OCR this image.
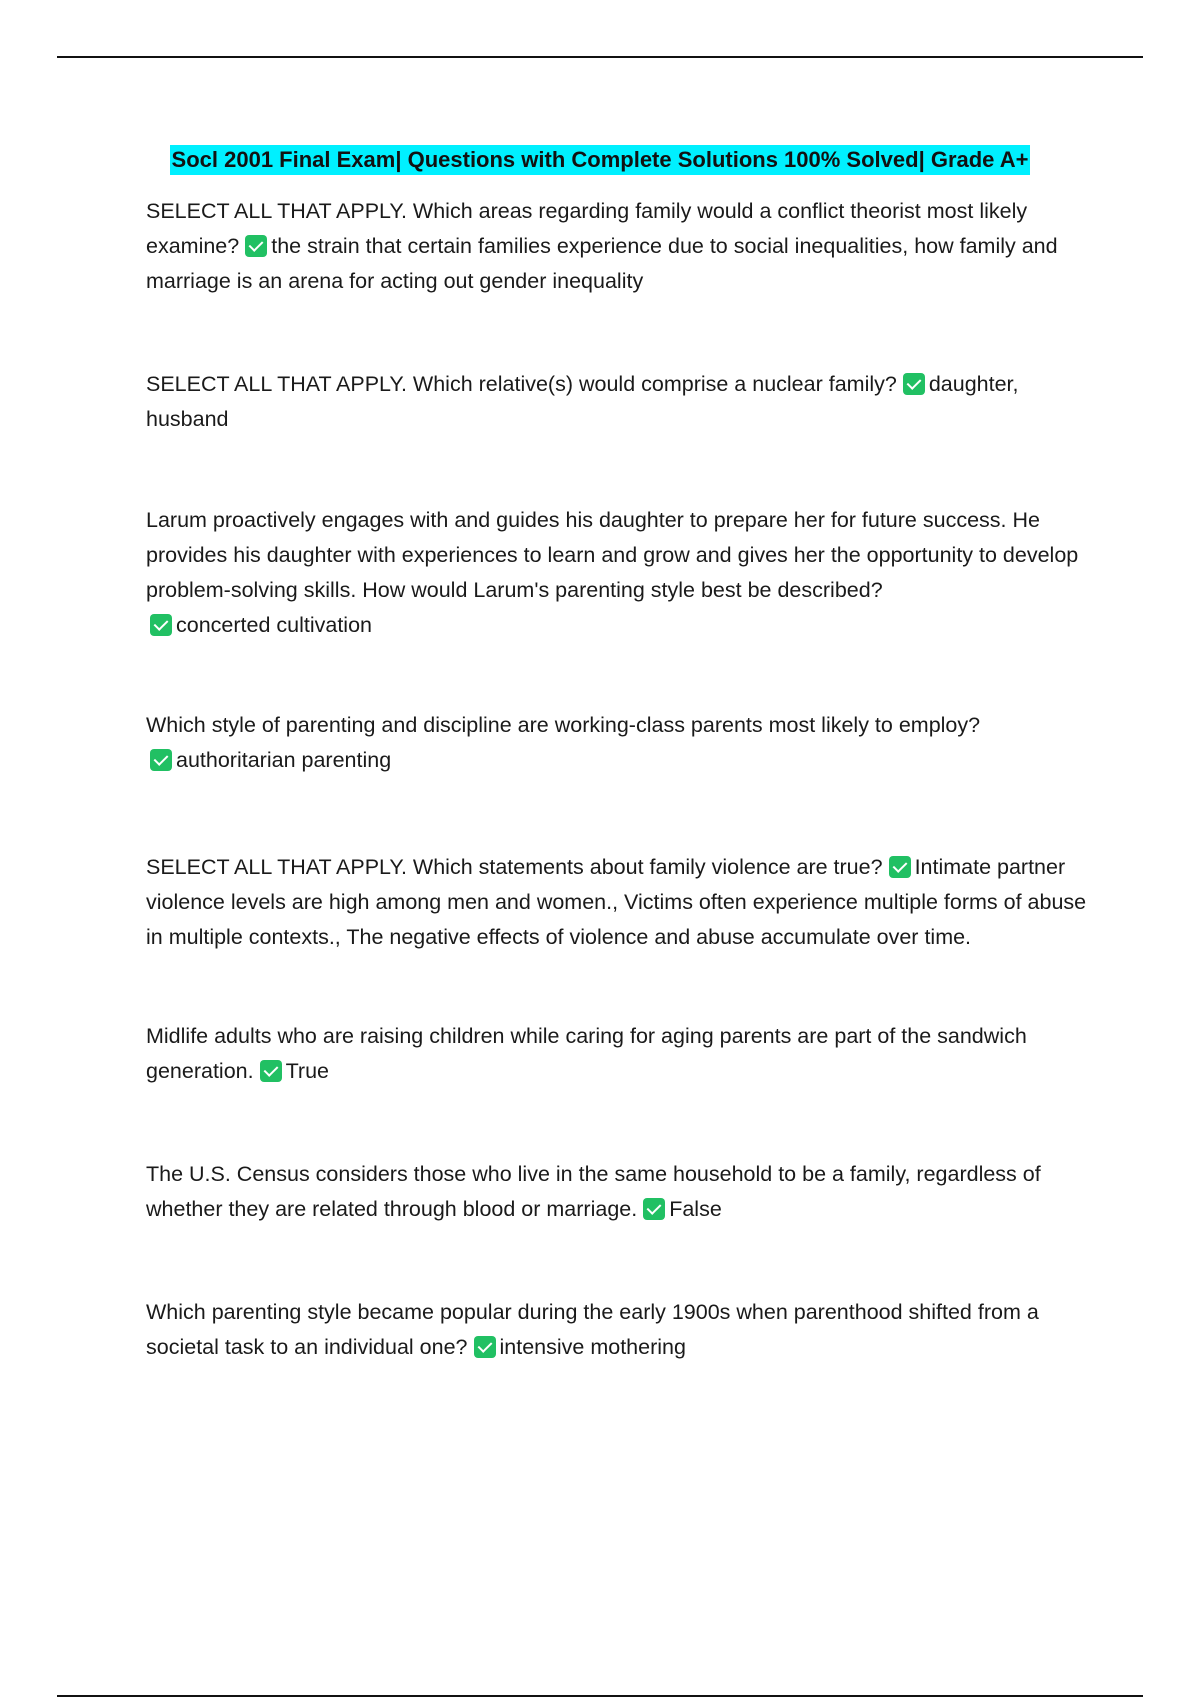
Socl 2001 Final Exam| Questions with Complete Solutions 100% Solved| Grade A+
SELECT ALL THAT APPLY. Which areas regarding family would a conflict theorist most likely examine? the strain that certain families experience due to social inequalities, how family and marriage is an arena for acting out gender inequality
SELECT ALL THAT APPLY. Which relative(s) would comprise a nuclear family? daughter, husband
Larum proactively engages with and guides his daughter to prepare her for future success. He provides his daughter with experiences to learn and grow and gives her the opportunity to develop problem-solving skills. How would Larum's parenting style best be described?
concerted cultivation
Which style of parenting and discipline are working-class parents most likely to employ?
authoritarian parenting
SELECT ALL THAT APPLY. Which statements about family violence are true? Intimate partner violence levels are high among men and women., Victims often experience multiple forms of abuse in multiple contexts., The negative effects of violence and abuse accumulate over time.
Midlife adults who are raising children while caring for aging parents are part of the sandwich generation. True
The U.S. Census considers those who live in the same household to be a family, regardless of whether they are related through blood or marriage. False
Which parenting style became popular during the early 1900s when parenthood shifted from a societal task to an individual one? intensive mothering
